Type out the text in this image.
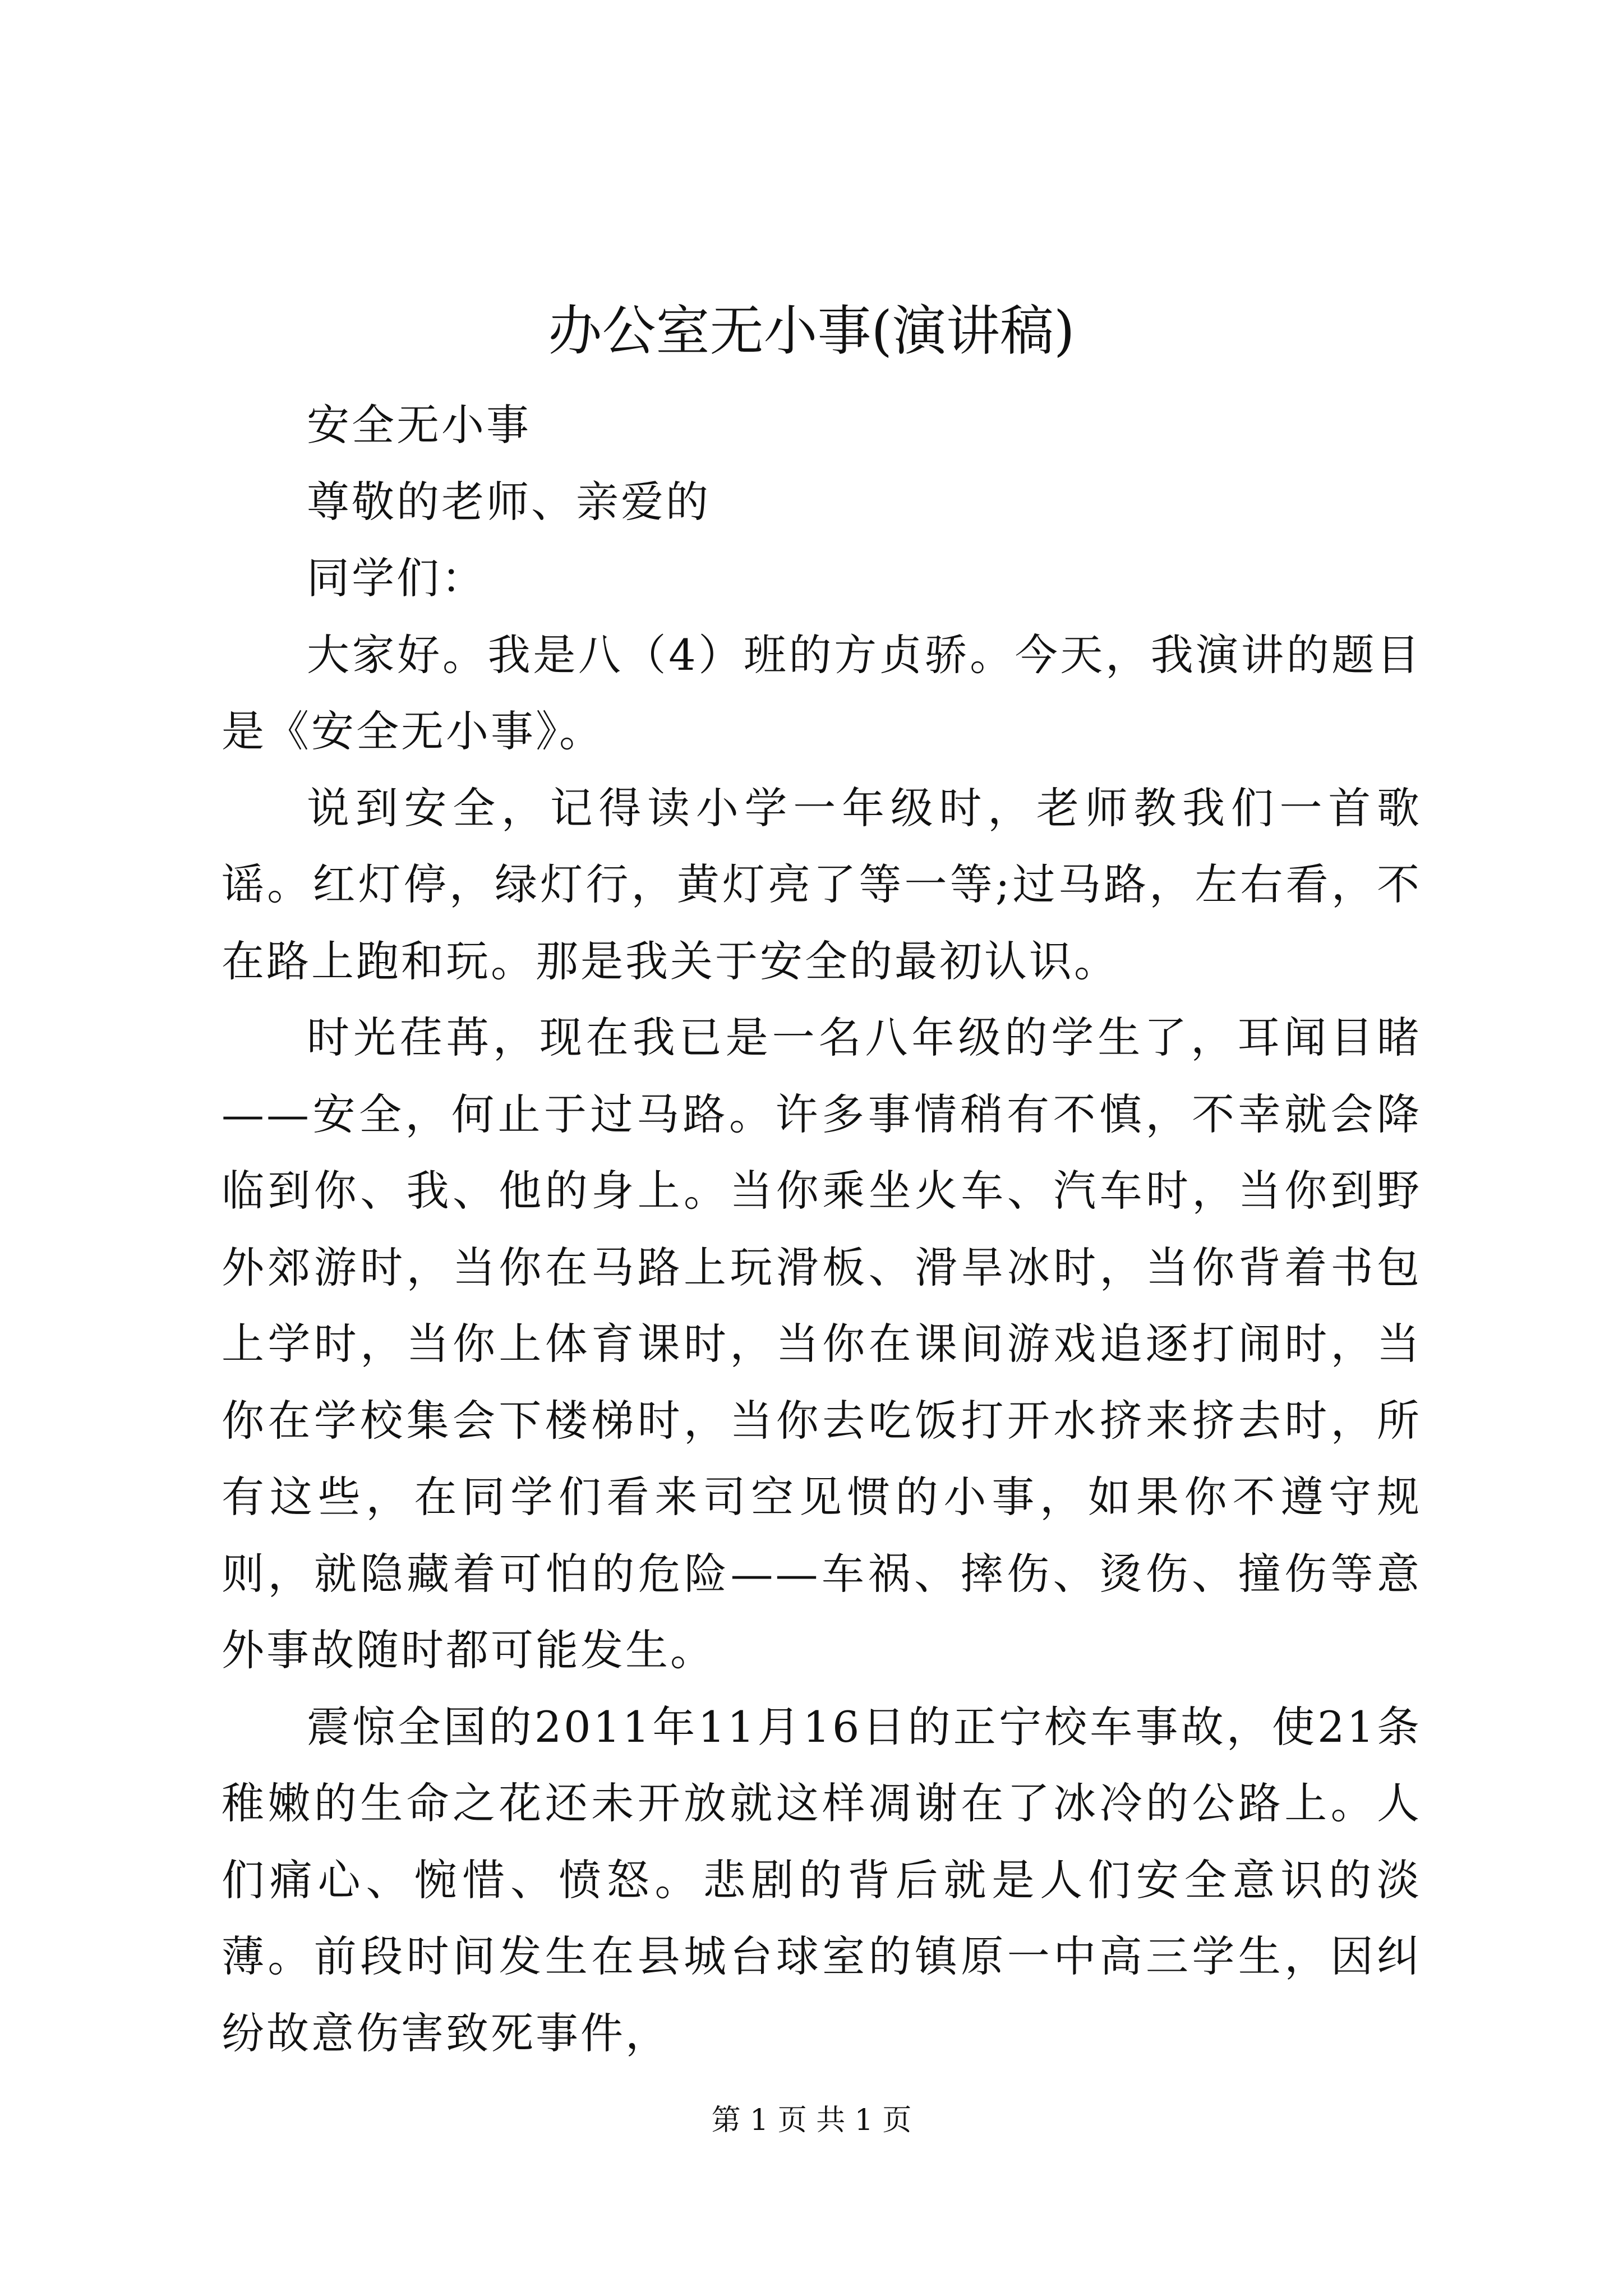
办公室无小事(演讲稿)

安全无小事

尊敬的老师、亲爱的

同学们：

大家好。我是八（4）班的方贞骄。今天，我演讲的题目是《安全无小事》。

说到安全，记得读小学一年级时，老师教我们一首歌谣。红灯停，绿灯行，黄灯亮了等一等;过马路，左右看，不在路上跑和玩。那是我关于安全的最初认识。

时光荏苒，现在我已是一名八年级的学生了，耳闻目睹——安全，何止于过马路。许多事情稍有不慎，不幸就会降临到你、我、他的身上。当你乘坐火车、汽车时，当你到野外郊游时，当你在马路上玩滑板、滑旱冰时，当你背着书包上学时，当你上体育课时，当你在课间游戏追逐打闹时，当你在学校集会下楼梯时，当你去吃饭打开水挤来挤去时，所有这些，在同学们看来司空见惯的小事，如果你不遵守规则，就隐藏着可怕的危险——车祸、摔伤、烫伤、撞伤等意外事故随时都可能发生。

震惊全国的2011年11月16日的正宁校车事故，使21条稚嫩的生命之花还未开放就这样凋谢在了冰冷的公路上。人们痛心、惋惜、愤怒。悲剧的背后就是人们安全意识的淡薄。前段时间发生在县城台球室的镇原一中高三学生，因纠纷故意伤害致死事件，

第 1 页 共 1 页
